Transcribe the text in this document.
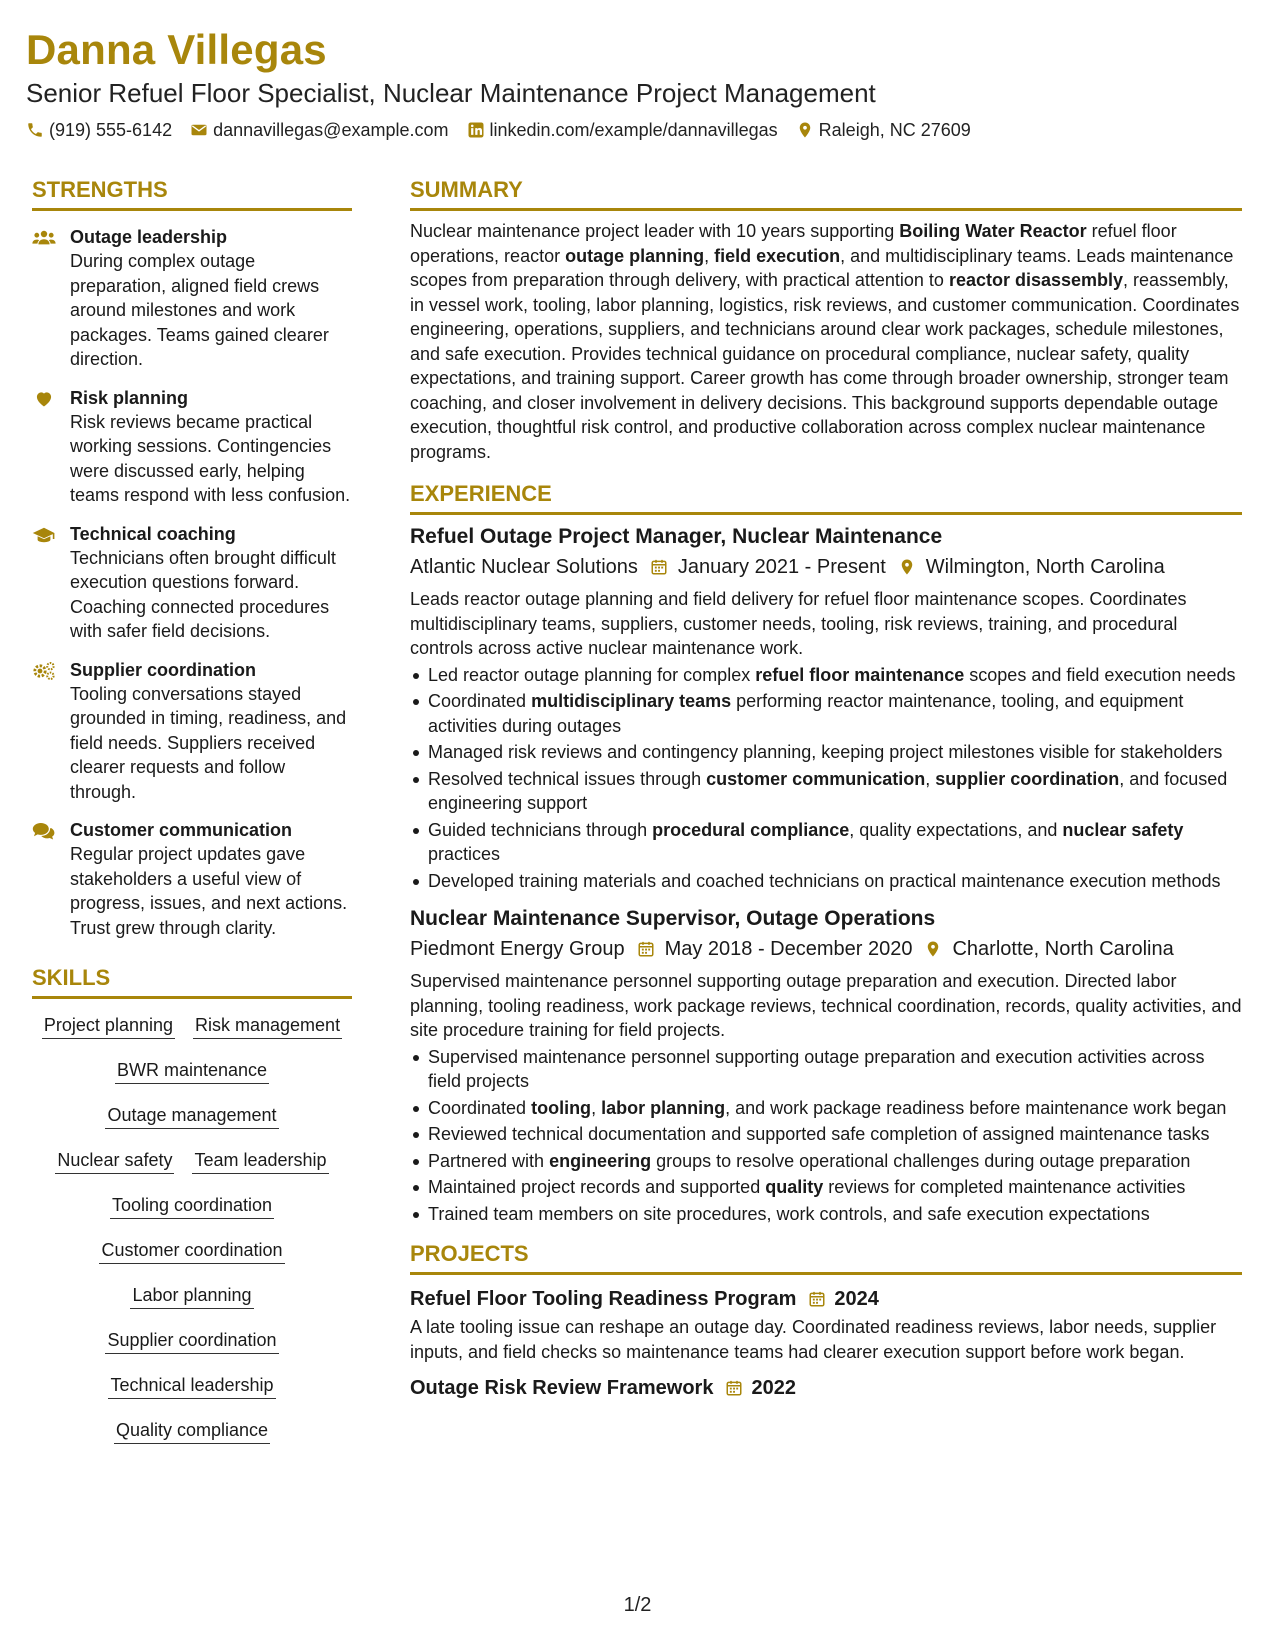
Danna Villegas
Senior Refuel Floor Specialist, Nuclear Maintenance Project Management
(919) 555-6142 dannavillegas@example.com linkedin.com/example/dannavillegas Raleigh, NC 27609
STRENGTHS
Outage leadership
During complex outage preparation, aligned field crews around milestones and work packages. Teams gained clearer direction.
Risk planning
Risk reviews became practical working sessions. Contingencies were discussed early, helping teams respond with less confusion.
Technical coaching
Technicians often brought difficult execution questions forward. Coaching connected procedures with safer field decisions.
Supplier coordination
Tooling conversations stayed grounded in timing, readiness, and field needs. Suppliers received clearer requests and follow through.
Customer communication
Regular project updates gave stakeholders a useful view of progress, issues, and next actions. Trust grew through clarity.
SKILLS
Project planning Risk management
BWR maintenance
Outage management
Nuclear safety Team leadership
Tooling coordination
Customer coordination
Labor planning
Supplier coordination
Technical leadership
Quality compliance
SUMMARY
Nuclear maintenance project leader with 10 years supporting Boiling Water Reactor refuel floor operations, reactor outage planning, field execution, and multidisciplinary teams. Leads maintenance scopes from preparation through delivery, with practical attention to reactor disassembly, reassembly, in vessel work, tooling, labor planning, logistics, risk reviews, and customer communication. Coordinates engineering, operations, suppliers, and technicians around clear work packages, schedule milestones, and safe execution. Provides technical guidance on procedural compliance, nuclear safety, quality expectations, and training support. Career growth has come through broader ownership, stronger team coaching, and closer involvement in delivery decisions. This background supports dependable outage execution, thoughtful risk control, and productive collaboration across complex nuclear maintenance programs.
EXPERIENCE
Refuel Outage Project Manager, Nuclear Maintenance
Atlantic Nuclear Solutions January 2021 - Present Wilmington, North Carolina
Leads reactor outage planning and field delivery for refuel floor maintenance scopes. Coordinates multidisciplinary teams, suppliers, customer needs, tooling, risk reviews, training, and procedural controls across active nuclear maintenance work.
Led reactor outage planning for complex refuel floor maintenance scopes and field execution needs
Coordinated multidisciplinary teams performing reactor maintenance, tooling, and equipment activities during outages
Managed risk reviews and contingency planning, keeping project milestones visible for stakeholders
Resolved technical issues through customer communication, supplier coordination, and focused engineering support
Guided technicians through procedural compliance, quality expectations, and nuclear safety practices
Developed training materials and coached technicians on practical maintenance execution methods
Nuclear Maintenance Supervisor, Outage Operations
Piedmont Energy Group May 2018 - December 2020 Charlotte, North Carolina
Supervised maintenance personnel supporting outage preparation and execution. Directed labor planning, tooling readiness, work package reviews, technical coordination, records, quality activities, and site procedure training for field projects.
Supervised maintenance personnel supporting outage preparation and execution activities across field projects
Coordinated tooling, labor planning, and work package readiness before maintenance work began
Reviewed technical documentation and supported safe completion of assigned maintenance tasks
Partnered with engineering groups to resolve operational challenges during outage preparation
Maintained project records and supported quality reviews for completed maintenance activities
Trained team members on site procedures, work controls, and safe execution expectations
PROJECTS
Refuel Floor Tooling Readiness Program 2024
A late tooling issue can reshape an outage day. Coordinated readiness reviews, labor needs, supplier inputs, and field checks so maintenance teams had clearer execution support before work began.
Outage Risk Review Framework 2022
1/2
